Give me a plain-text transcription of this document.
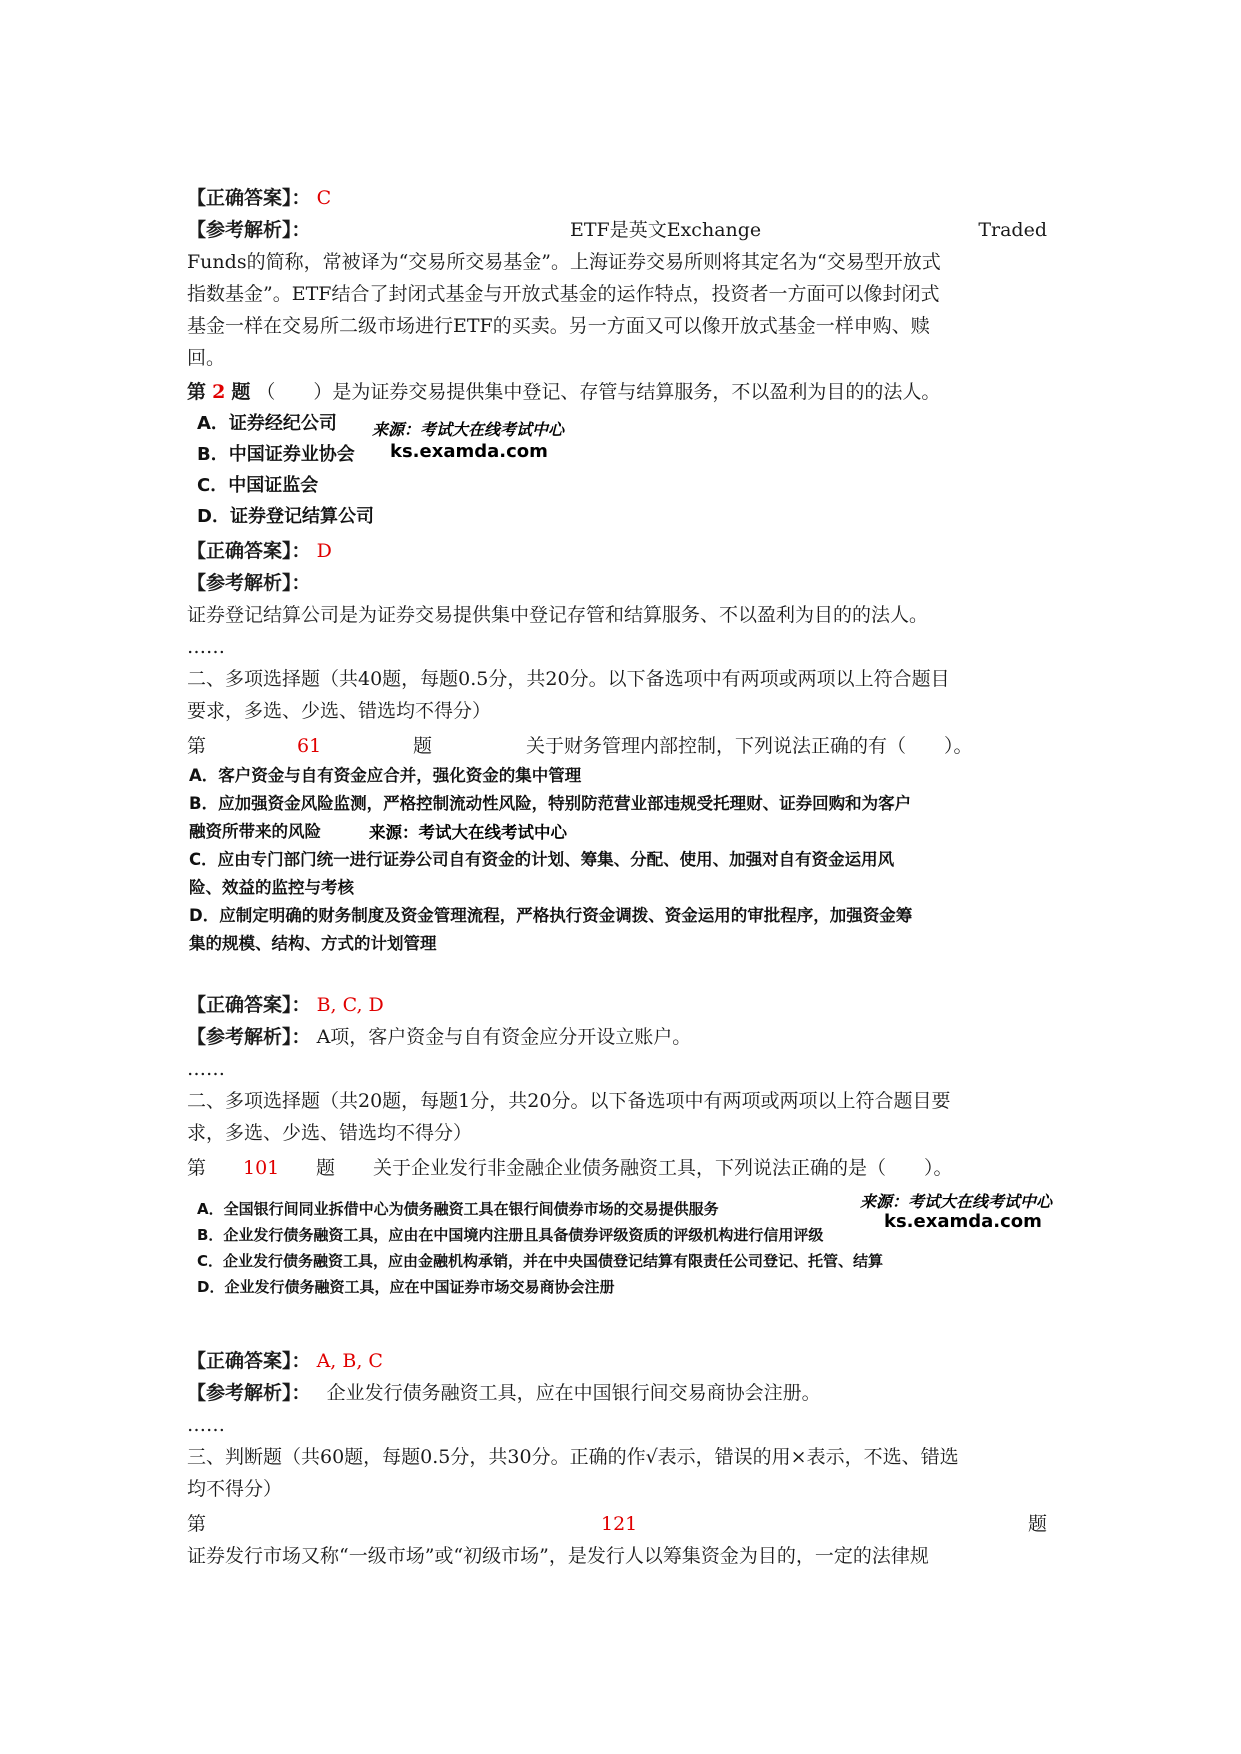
【正确答案】： C
【参考解析】：	ETF是英文Exchange	Traded
Funds的简称，常被译为“交易所交易基金”。上海证券交易所则将其定名为“交易型开放式
指数基金”。ETF结合了封闭式基金与开放式基金的运作特点，投资者一方面可以像封闭式
基金一样在交易所二级市场进行ETF的买卖。另一方面又可以像开放式基金一样申购、赎
回。
第 2 题 （　　）是为证券交易提供集中登记、存管与结算服务，不以盈利为目的的法人。
A．证券经纪公司
B．中国证券业协会
C．中国证监会
D．证券登记结算公司
来源：考试大在线考试中心
ks.examda.com
【正确答案】： D
【参考解析】：
证券登记结算公司是为证券交易提供集中登记存管和结算服务、不以盈利为目的的法人。
……
二、多项选择题（共40题，每题0.5分，共20分。以下备选项中有两项或两项以上符合题目
要求，多选、少选、错选均不得分）
第	61	题	关于财务管理内部控制，下列说法正确的有（　　）。
A．客户资金与自有资金应合并，强化资金的集中管理
B．应加强资金风险监测，严格控制流动性风险，特别防范营业部违规受托理财、证券回购和为客户
融资所带来的风险	来源：考试大在线考试中心
C．应由专门部门统一进行证券公司自有资金的计划、筹集、分配、使用、加强对自有资金运用风
险、效益的监控与考核
D．应制定明确的财务制度及资金管理流程，严格执行资金调拨、资金运用的审批程序，加强资金筹
集的规模、结构、方式的计划管理
【正确答案】： B, C, D
【参考解析】： A项，客户资金与自有资金应分开设立账户。
……
二、多项选择题（共20题，每题1分，共20分。以下备选项中有两项或两项以上符合题目要
求，多选、少选、错选均不得分）
第 101 题 关于企业发行非金融企业债务融资工具，下列说法正确的是（　　）。
A．全国银行间同业拆借中心为债务融资工具在银行间债券市场的交易提供服务
B．企业发行债务融资工具，应由在中国境内注册且具备债券评级资质的评级机构进行信用评级
C．企业发行债务融资工具，应由金融机构承销，并在中央国债登记结算有限责任公司登记、托管、结算
D．企业发行债务融资工具，应在中国证券市场交易商协会注册
来源：考试大在线考试中心
ks.examda.com
【正确答案】： A, B, C
【参考解析】： 企业发行债务融资工具，应在中国银行间交易商协会注册。
……
三、判断题（共60题，每题0.5分，共30分。正确的作√表示，错误的用×表示，不选、错选
均不得分）
第	121	题
证券发行市场又称“一级市场”或“初级市场”，是发行人以筹集资金为目的，一定的法律规
